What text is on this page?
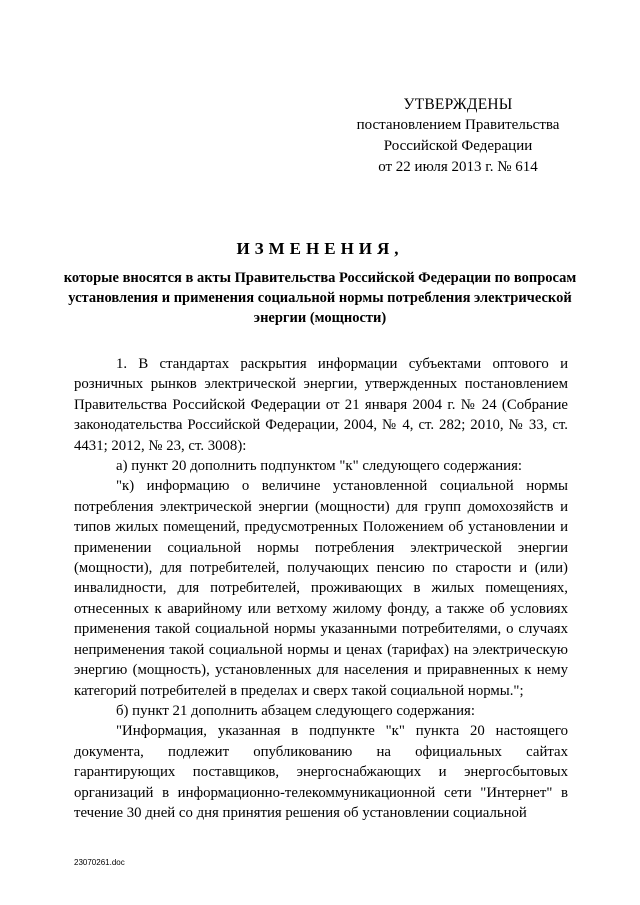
УТВЕРЖДЕНЫ
постановлением Правительства
Российской Федерации
от 22 июля 2013 г. № 614
ИЗМЕНЕНИЯ,
которые вносятся в акты Правительства Российской Федерации по вопросам установления и применения социальной нормы потребления электрической энергии (мощности)

1. В стандартах раскрытия информации субъектами оптового и розничных рынков электрической энергии, утвержденных постановлением Правительства Российской Федерации от 21 января 2004 г. № 24 (Собрание законодательства Российской Федерации, 2004, № 4, ст. 282; 2010, № 33, ст. 4431; 2012, № 23, ст. 3008):

а) пункт 20 дополнить подпунктом "к" следующего содержания:

"к) информацию о величине установленной социальной нормы потребления электрической энергии (мощности) для групп домохозяйств и типов жилых помещений, предусмотренных Положением об установлении и применении социальной нормы потребления электрической энергии (мощности), для потребителей, получающих пенсию по старости и (или) инвалидности, для потребителей, проживающих в жилых помещениях, отнесенных к аварийному или ветхому жилому фонду, а также об условиях применения такой социальной нормы указанными потребителями, о случаях неприменения такой социальной нормы и ценах (тарифах) на электрическую энергию (мощность), установленных для населения и приравненных к нему категорий потребителей в пределах и сверх такой социальной нормы.";

б) пункт 21 дополнить абзацем следующего содержания:

"Информация, указанная в подпункте "к" пункта 20 настоящего документа, подлежит опубликованию на официальных сайтах гарантирующих поставщиков, энергоснабжающих и энергосбытовых организаций в информационно-телекоммуникационной сети "Интернет" в течение 30 дней со дня принятия решения об установлении социальной

23070261.doc
